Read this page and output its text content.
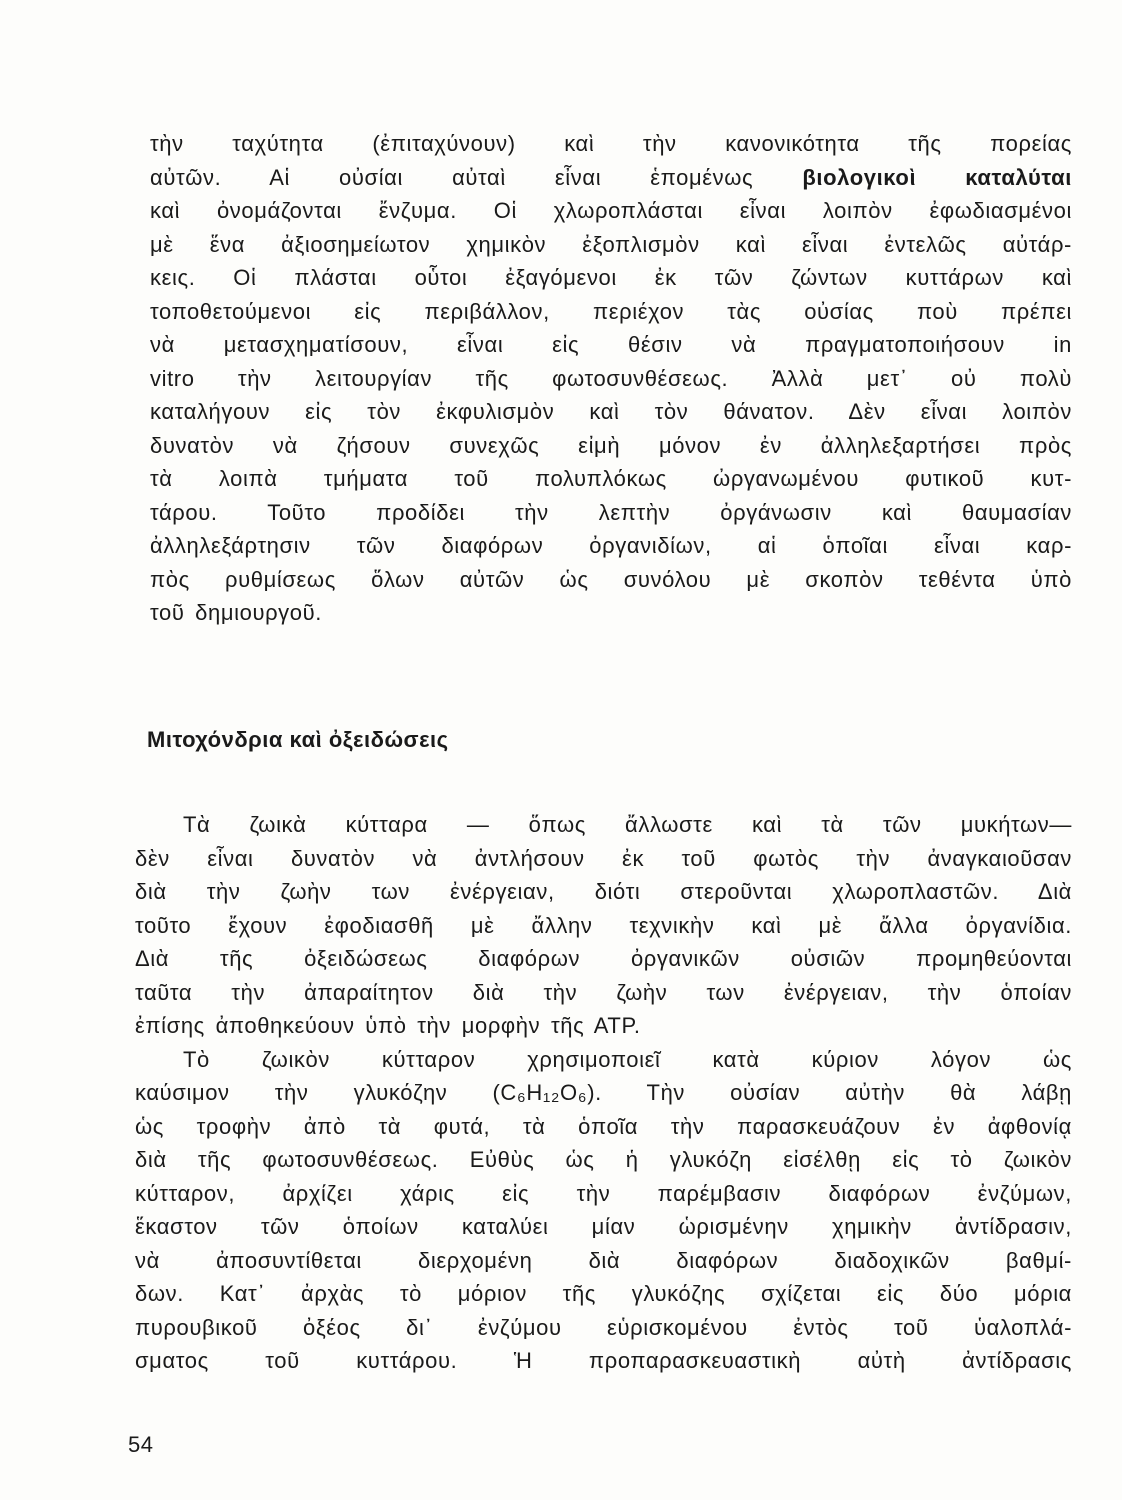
τὴν ταχύτητα (ἐπιταχύνουν) καὶ τὴν κανονικότητα τῆς πορείας
αὐτῶν. Αἱ οὐσίαι αὐταὶ εἶναι ἑπομένως βιολογικοὶ καταλύται
καὶ ὀνομάζονται ἔνζυμα. Οἱ χλωροπλάσται εἶναι λοιπὸν ἐφωδιασμένοι
μὲ ἕνα ἀξιοσημείωτον χημικὸν ἐξοπλισμὸν καὶ εἶναι ἐντελῶς αὐτάρ-
κεις. Οἱ πλάσται οὗτοι ἐξαγόμενοι ἐκ τῶν ζώντων κυττάρων καὶ
τοποθετούμενοι εἰς περιβάλλον, περιέχον τὰς οὐσίας ποὺ πρέπει
νὰ μετασχηματίσουν, εἶναι εἰς θέσιν νὰ πραγματοποιήσουν in
vitro τὴν λειτουργίαν τῆς φωτοσυνθέσεως. Ἀλλὰ μετ᾽ οὐ πολὺ
καταλήγουν εἰς τὸν ἐκφυλισμὸν καὶ τὸν θάνατον. Δὲν εἶναι λοιπὸν
δυνατὸν νὰ ζήσουν συνεχῶς εἰμὴ μόνον ἐν ἀλληλεξαρτήσει πρὸς
τὰ λοιπὰ τμήματα τοῦ πολυπλόκως ὠργανωμένου φυτικοῦ κυτ-
τάρου. Τοῦτο προδίδει τὴν λεπτὴν ὀργάνωσιν καὶ θαυμασίαν
ἀλληλεξάρτησιν τῶν διαφόρων ὀργανιδίων, αἱ ὁποῖαι εἶναι καρ-
πὸς ρυθμίσεως ὅλων αὐτῶν ὡς συνόλου μὲ σκοπὸν τεθέντα ὑπὸ
τοῦ δημιουργοῦ.
Μιτοχόνδρια καὶ ὀξειδώσεις
Τὰ ζωικὰ κύτταρα — ὅπως ἄλλωστε καὶ τὰ τῶν μυκήτων—
δὲν εἶναι δυνατὸν νὰ ἀντλήσουν ἐκ τοῦ φωτὸς τὴν ἀναγκαιοῦσαν
διὰ τὴν ζωὴν των ἐνέργειαν, διότι στεροῦνται χλωροπλαστῶν. Διὰ
τοῦτο ἔχουν ἐφοδιασθῆ μὲ ἄλλην τεχνικὴν καὶ μὲ ἄλλα ὀργανίδια.
Διὰ τῆς ὀξειδώσεως διαφόρων ὀργανικῶν οὐσιῶν προμηθεύονται
ταῦτα τὴν ἀπαραίτητον διὰ τὴν ζωὴν των ἐνέργειαν, τὴν ὁποίαν
ἐπίσης ἀποθηκεύουν ὑπὸ τὴν μορφὴν τῆς ΑΤΡ.
Τὸ ζωικὸν κύτταρον χρησιμοποιεῖ κατὰ κύριον λόγον ὡς
καύσιμον τὴν γλυκόζην (C₆H₁₂O₆). Τὴν οὐσίαν αὐτὴν θὰ λάβῃ
ὡς τροφὴν ἀπὸ τὰ φυτά, τὰ ὁποῖα τὴν παρασκευάζουν ἐν ἀφθονίᾳ
διὰ τῆς φωτοσυνθέσεως. Εὐθὺς ὡς ἡ γλυκόζη εἰσέλθῃ εἰς τὸ ζωικὸν
κύτταρον, ἀρχίζει χάρις εἰς τὴν παρέμβασιν διαφόρων ἐνζύμων,
ἕκαστον τῶν ὁποίων καταλύει μίαν ὡρισμένην χημικὴν ἀντίδρασιν,
νὰ ἀποσυντίθεται διερχομένη διὰ διαφόρων διαδοχικῶν βαθμί-
δων. Κατ᾽ ἀρχὰς τὸ μόριον τῆς γλυκόζης σχίζεται εἰς δύο μόρια
πυρουβικοῦ ὀξέος δι᾽ ἐνζύμου εὑρισκομένου ἐντὸς τοῦ ὑαλοπλά-
σματος τοῦ κυττάρου. Ἡ προπαρασκευαστικὴ αὐτὴ ἀντίδρασις
54
